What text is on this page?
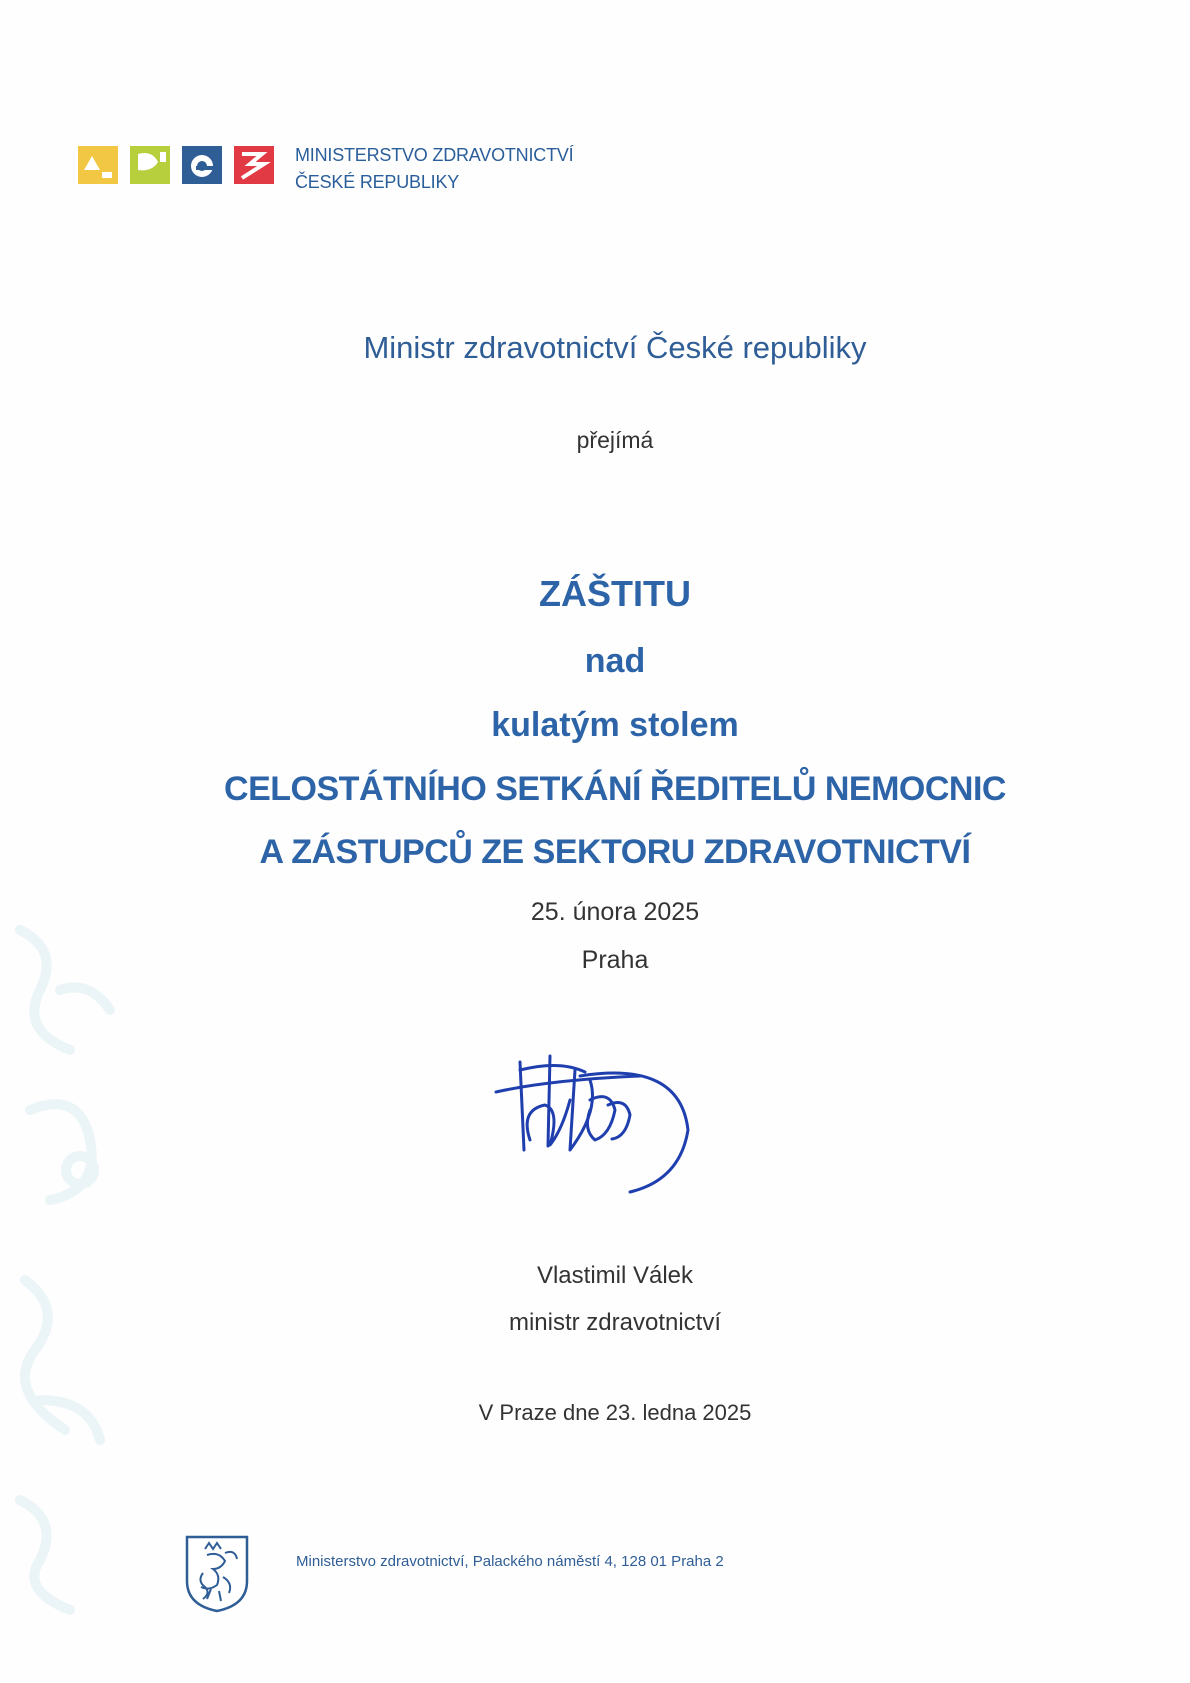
MINISTERSTVO ZDRAVOTNICTVÍ
ČESKÉ REPUBLIKY
Ministr zdravotnictví České republiky
přejímá
ZÁŠTITU
nad
kulatým stolem
CELOSTÁTNÍHO SETKÁNÍ ŘEDITELŮ NEMOCNIC
A ZÁSTUPCŮ ZE SEKTORU ZDRAVOTNICTVÍ
25. února 2025
Praha
Vlastimil Válek
ministr zdravotnictví
V Praze dne 23. ledna 2025
Ministerstvo zdravotnictví, Palackého náměstí 4, 128 01 Praha 2
